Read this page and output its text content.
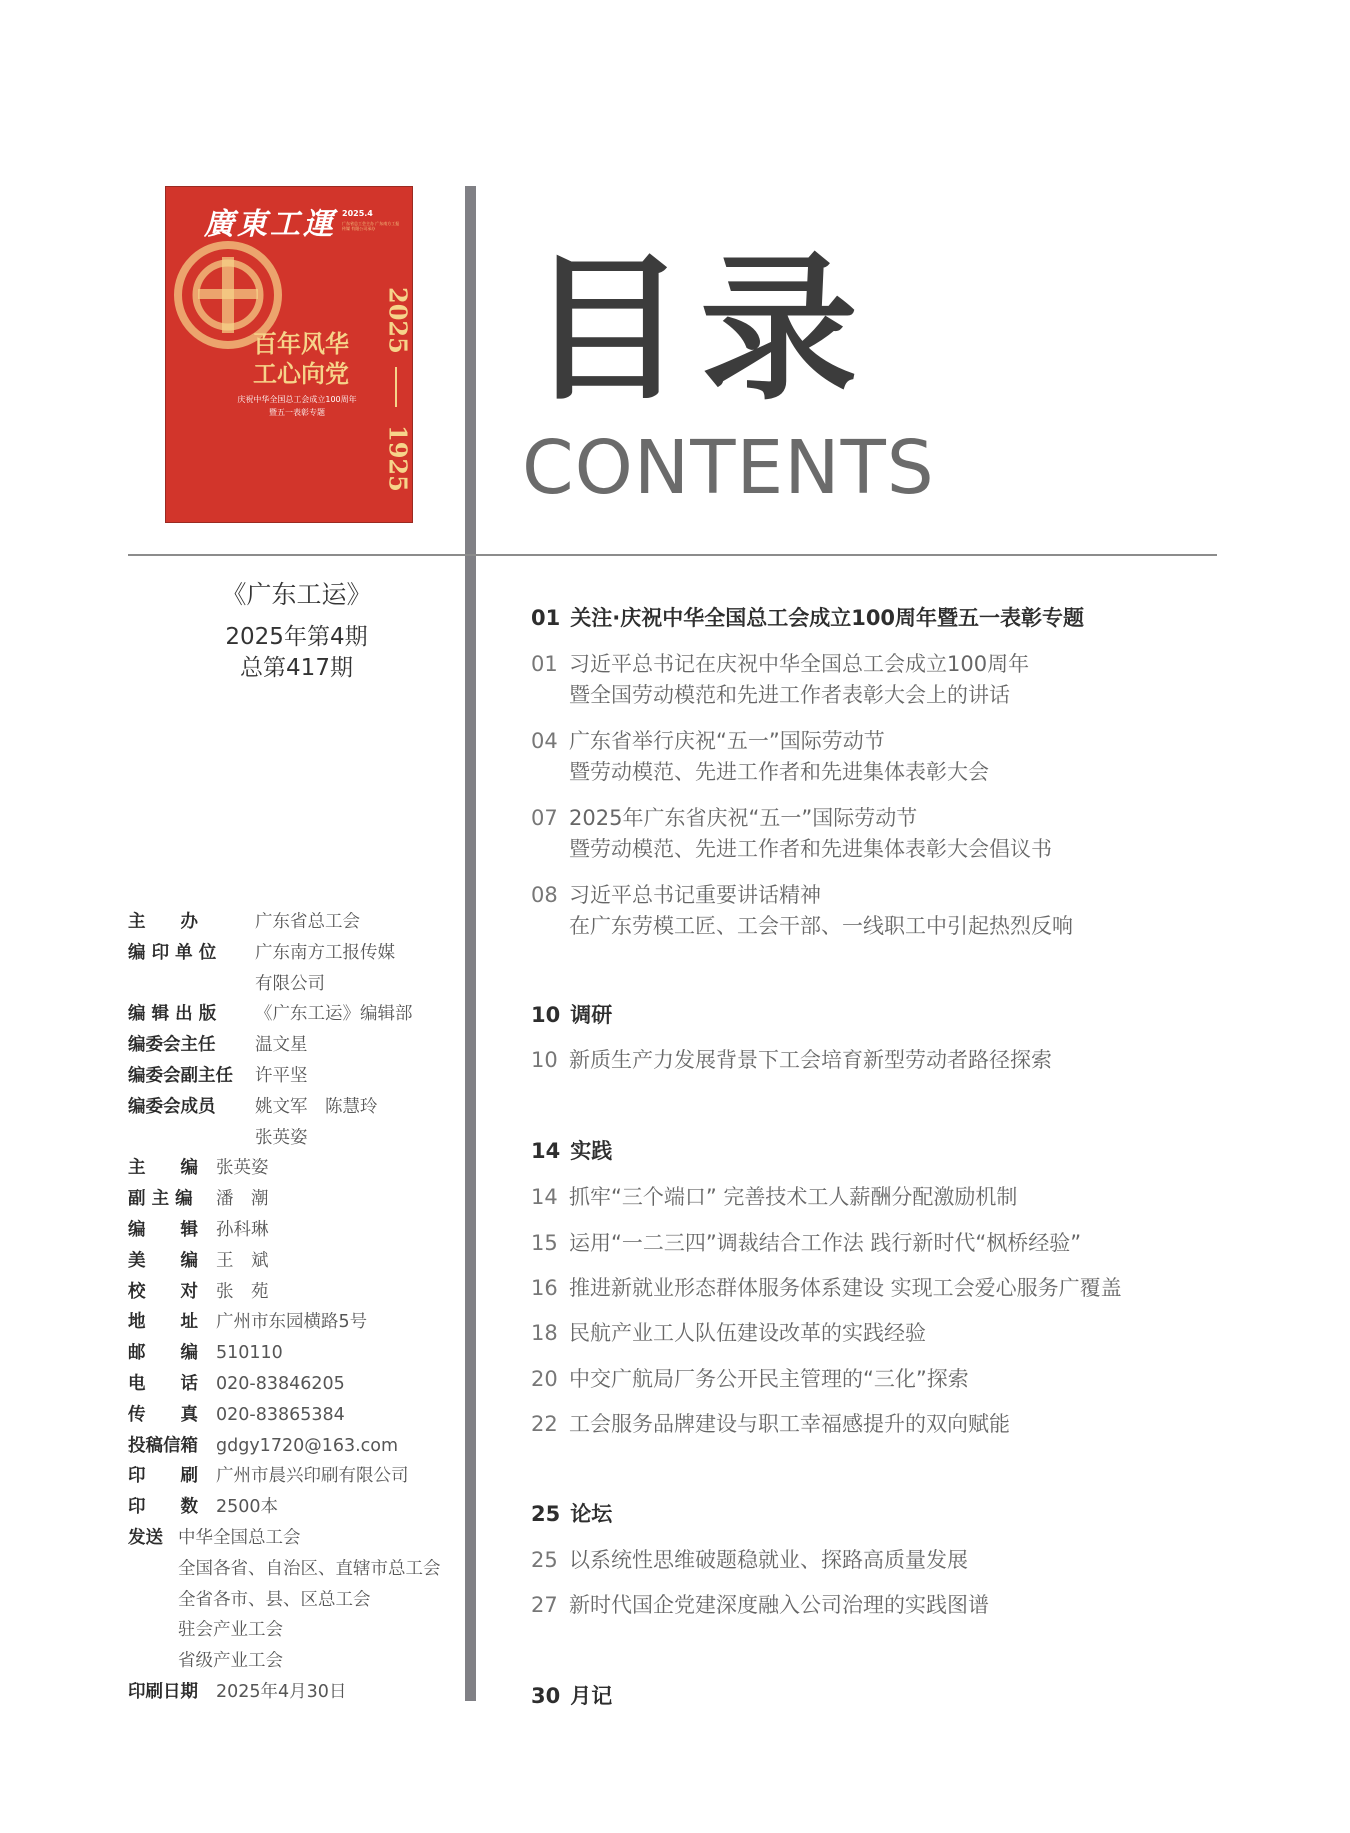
廣東工運 2025.4
广东省总工会主办 广东南方工报传媒 有限公司承办
百年风华
工心向党
庆祝中华全国总工会成立100周年
暨五一表彰专题
2025
1925
目录
CONTENTS
《广东工运》
2025年第4期
总第417期
主　　办	广东省总工会
编 印 单 位 广东南方工报传媒
有限公司
编 辑 出 版 《广东工运》编辑部
编委会主任 温文星
编委会副主任 许平坚
编委会成员 姚文军　陈慧玲
张英姿
主　　编 张英姿
副 主 编 潘　潮
编　　辑 孙科琳
美　　编 王　斌
校　　对 张　苑
地　　址 广州市东园横路5号
邮　　编 510110
电　　话 020-83846205
传　　真 020-83865384
投稿信箱 gdgy1720@163.com
印　　刷 广州市晨兴印刷有限公司
印　　数 2500本
发送 中华全国总工会
全国各省、自治区、直辖市总工会
全省各市、县、区总工会
驻会产业工会
省级产业工会
印刷日期 2025年4月30日
01 关注·庆祝中华全国总工会成立100周年暨五一表彰专题
01 习近平总书记在庆祝中华全国总工会成立100周年
暨全国劳动模范和先进工作者表彰大会上的讲话
04 广东省举行庆祝“五一”国际劳动节
暨劳动模范、先进工作者和先进集体表彰大会
07 2025年广东省庆祝“五一”国际劳动节
暨劳动模范、先进工作者和先进集体表彰大会倡议书
08 习近平总书记重要讲话精神
在广东劳模工匠、工会干部、一线职工中引起热烈反响
10 调研
10 新质生产力发展背景下工会培育新型劳动者路径探索
14 实践
14 抓牢“三个端口” 完善技术工人薪酬分配激励机制
15 运用“一二三四”调裁结合工作法 践行新时代“枫桥经验”
16 推进新就业形态群体服务体系建设 实现工会爱心服务广覆盖
18 民航产业工人队伍建设改革的实践经验
20 中交广航局厂务公开民主管理的“三化”探索
22 工会服务品牌建设与职工幸福感提升的双向赋能
25 论坛
25 以系统性思维破题稳就业、探路高质量发展
27 新时代国企党建深度融入公司治理的实践图谱
30 月记
